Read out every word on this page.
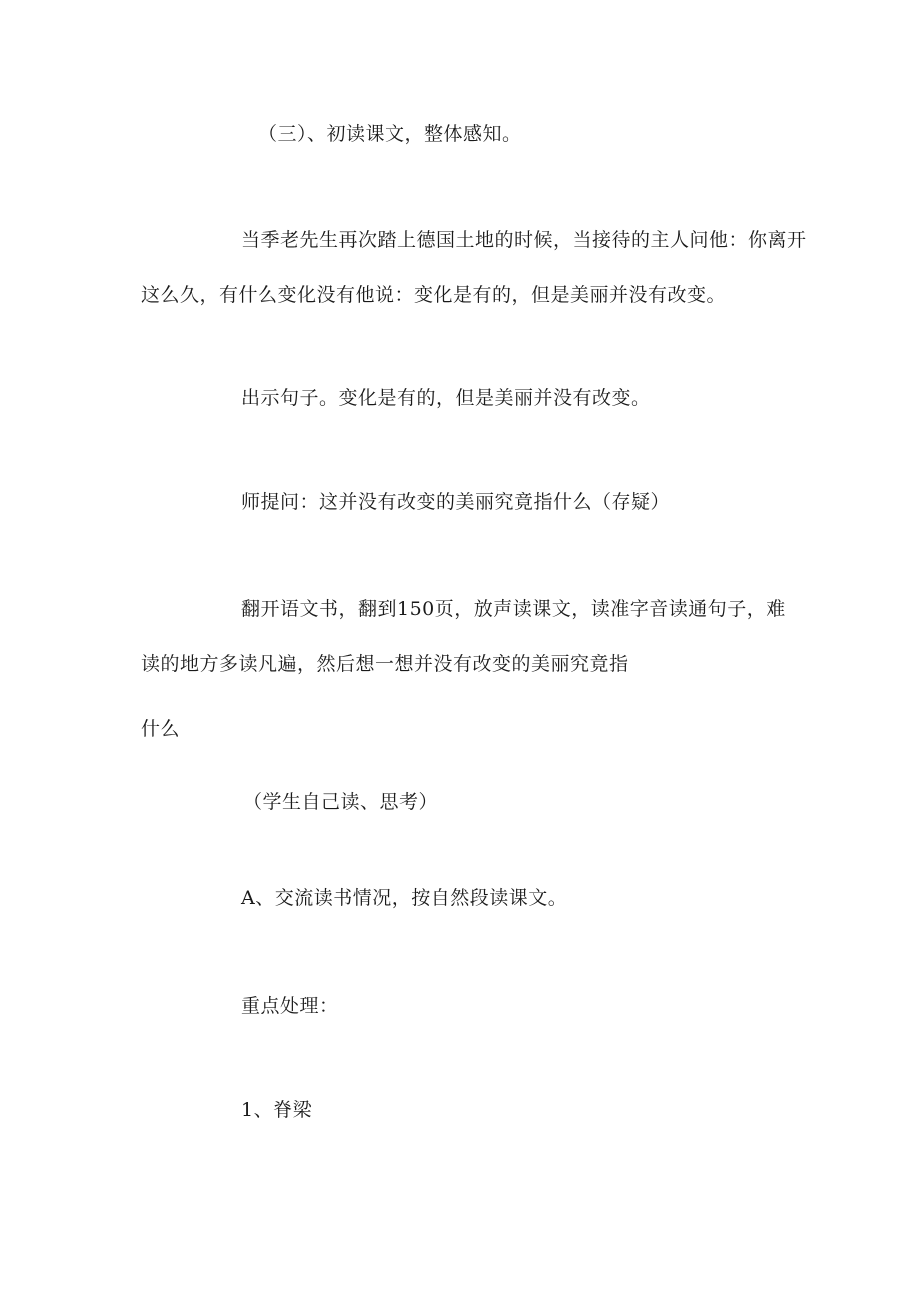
（三）、初读课文，整体感知。

当季老先生再次踏上德国土地的时候，当接待的主人问他：你离开

这么久，有什么变化没有他说：变化是有的，但是美丽并没有改变。

出示句子。变化是有的，但是美丽并没有改变。

师提问：这并没有改变的美丽究竟指什么（存疑）

翻开语文书，翻到150页，放声读课文，读准字音读通句子，难

读的地方多读凡遍，然后想一想并没有改变的美丽究竟指

什么

（学生自己读、思考）

A、交流读书情况，按自然段读课文。

重点处理：

1、脊梁
